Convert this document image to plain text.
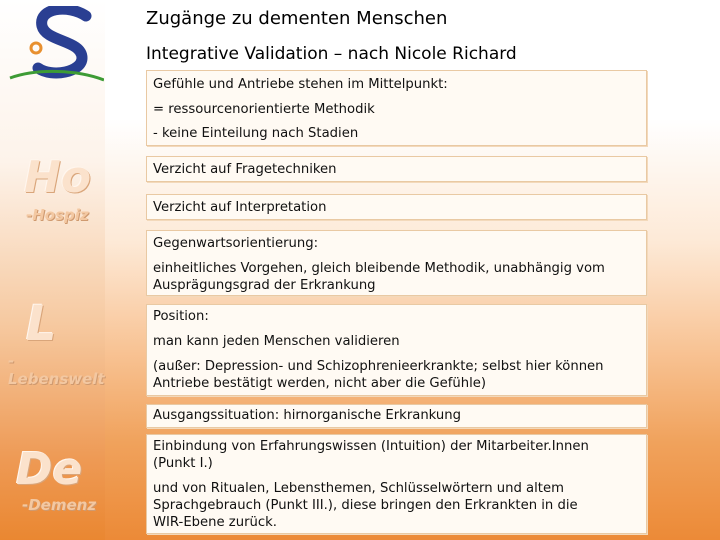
Ho
-Hospiz
L
-Lebenswelt
De
-Demenz
Zugänge zu dementen Menschen
Integrative Validation – nach Nicole Richard
Gefühle und Antriebe stehen im Mittelpunkt:
= ressourcenorientierte Methodik
- keine Einteilung nach Stadien
Verzicht auf Fragetechniken
Verzicht auf Interpretation
Gegenwartsorientierung:
einheitliches Vorgehen, gleich bleibende Methodik, unabhängig vom
Ausprägungsgrad der Erkrankung
Position:
man kann jeden Menschen validieren
(außer: Depression- und Schizophrenieerkrankte; selbst hier können
Antriebe bestätigt werden, nicht aber die Gefühle)
Ausgangssituation: hirnorganische Erkrankung
Einbindung von Erfahrungswissen (Intuition) der Mitarbeiter.Innen
(Punkt I.)
und von Ritualen, Lebensthemen, Schlüsselwörtern und altem
Sprachgebrauch (Punkt III.), diese bringen den Erkrankten in die
WIR-Ebene zurück.
